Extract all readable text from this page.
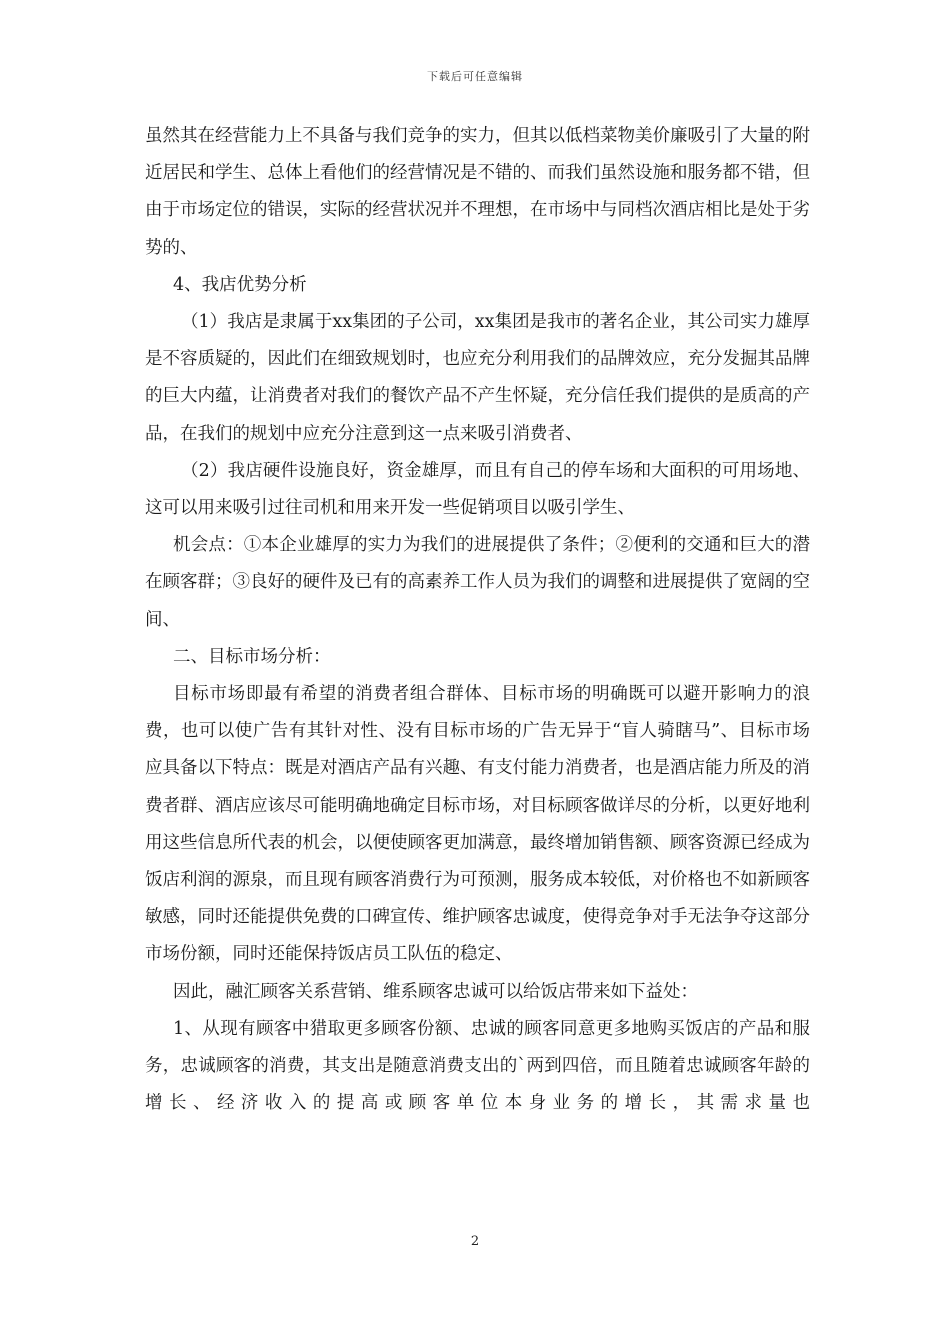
下载后可任意编辑

虽然其在经营能力上不具备与我们竞争的实力，但其以低档菜物美价廉吸引了大量的附近居民和学生、总体上看他们的经营情况是不错的、而我们虽然设施和服务都不错，但由于市场定位的错误，实际的经营状况并不理想，在市场中与同档次酒店相比是处于劣势的、

4、我店优势分析

（1）我店是隶属于xx集团的子公司，xx集团是我市的著名企业，其公司实力雄厚是不容质疑的，因此们在细致规划时，也应充分利用我们的品牌效应，充分发掘其品牌的巨大内蕴，让消费者对我们的餐饮产品不产生怀疑，充分信任我们提供的是质高的产品，在我们的规划中应充分注意到这一点来吸引消费者、

（2）我店硬件设施良好，资金雄厚，而且有自己的停车场和大面积的可用场地、这可以用来吸引过往司机和用来开发一些促销项目以吸引学生、

机会点：①本企业雄厚的实力为我们的进展提供了条件；②便利的交通和巨大的潜在顾客群；③良好的硬件及已有的高素养工作人员为我们的调整和进展提供了宽阔的空间、

二、目标市场分析：

目标市场即最有希望的消费者组合群体、目标市场的明确既可以避开影响力的浪费，也可以使广告有其针对性、没有目标市场的广告无异于“盲人骑瞎马”、目标市场应具备以下特点：既是对酒店产品有兴趣、有支付能力消费者，也是酒店能力所及的消费者群、酒店应该尽可能明确地确定目标市场，对目标顾客做详尽的分析，以更好地利用这些信息所代表的机会，以便使顾客更加满意，最终增加销售额、顾客资源已经成为饭店利润的源泉，而且现有顾客消费行为可预测，服务成本较低，对价格也不如新顾客敏感，同时还能提供免费的口碑宣传、维护顾客忠诚度，使得竞争对手无法争夺这部分市场份额，同时还能保持饭店员工队伍的稳定、

因此，融汇顾客关系营销、维系顾客忠诚可以给饭店带来如下益处：

1、从现有顾客中猎取更多顾客份额、忠诚的顾客同意更多地购买饭店的产品和服务，忠诚顾客的消费，其支出是随意消费支出的`两到四倍，而且随着忠诚顾客年龄的增长、经济收入的提高或顾客单位本身业务的增长，其需求量也

2
